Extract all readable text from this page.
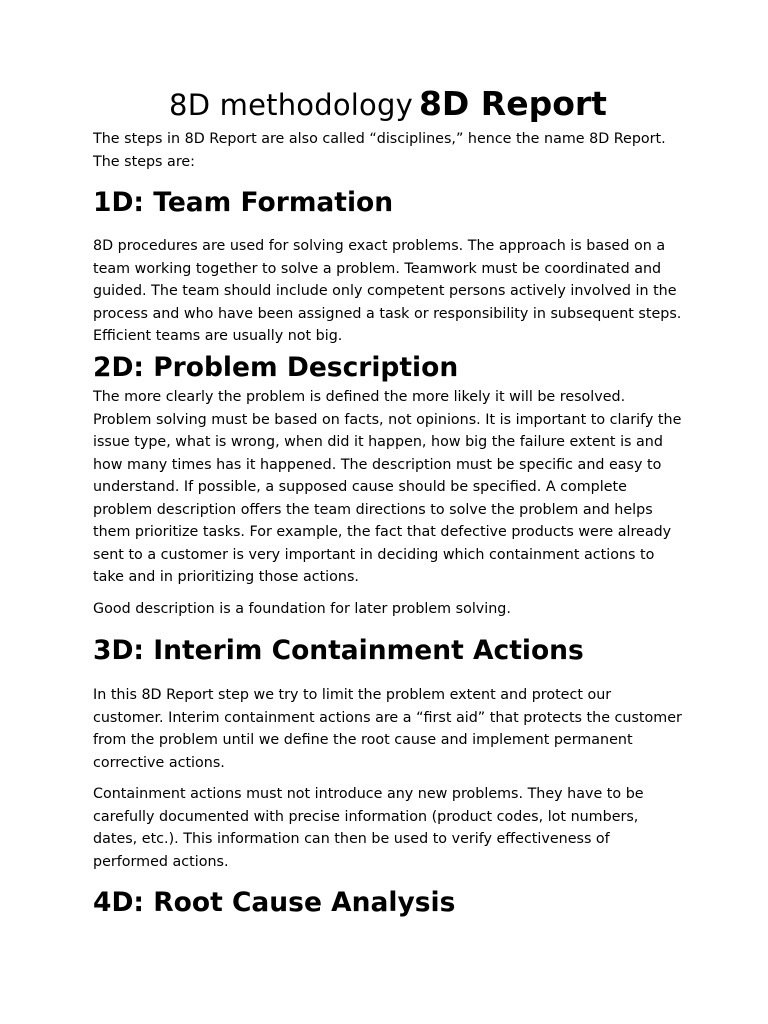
8D methodology 8D Report

The steps in 8D Report are also called “disciplines,” hence the name 8D Report. The steps are:

1D: Team Formation

8D procedures are used for solving exact problems. The approach is based on a team working together to solve a problem. Teamwork must be coordinated and guided. The team should include only competent persons actively involved in the process and who have been assigned a task or responsibility in subsequent steps. Efficient teams are usually not big.

2D: Problem Description

The more clearly the problem is defined the more likely it will be resolved. Problem solving must be based on facts, not opinions. It is important to clarify the issue type, what is wrong, when did it happen, how big the failure extent is and how many times has it happened. The description must be specific and easy to understand. If possible, a supposed cause should be specified. A complete problem description offers the team directions to solve the problem and helps them prioritize tasks. For example, the fact that defective products were already sent to a customer is very important in deciding which containment actions to take and in prioritizing those actions.

Good description is a foundation for later problem solving.

3D: Interim Containment Actions

In this 8D Report step we try to limit the problem extent and protect our customer. Interim containment actions are a “first aid” that protects the customer from the problem until we define the root cause and implement permanent corrective actions.

Containment actions must not introduce any new problems. They have to be carefully documented with precise information (product codes, lot numbers, dates, etc.). This information can then be used to verify effectiveness of performed actions.

4D: Root Cause Analysis
